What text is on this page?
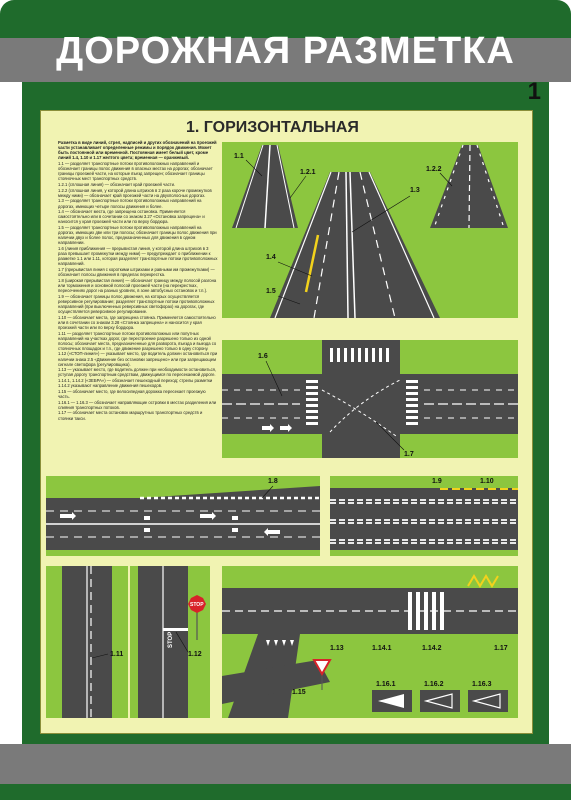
ДОРОЖНАЯ РАЗМЕТКА
1
1. ГОРИЗОНТАЛЬНАЯ

Разметка в виде линий, стрел, надписей и других обозначений на проезжей части устанавливает определенные режимы и порядок движения. Может быть постоянной или временной. Постоянная имеет белый цвет, кроме линий 1.4, 1.10 и 1.17 желтого цвета; временная — оранжевый.

1.1 — разделяет транспортные потоки противоположных направлений и обозначает границы полос движения в опасных местах на дорогах; обозначает границы проезжей части, на которые въезд запрещен; обозначает границы стояночных мест транспортных средств.

1.2.1 (сплошная линия) — обозначает край проезжей части.

1.2.2 (сплошная линия, у которой длина штрихов в 2 раза короче промежутков между ними) — обозначает край проезжей части на двухполосных дорогах.

1.3 — разделяет транспортные потоки противоположных направлений на дорогах, имеющих четыре полосы движения и более.

1.4 — обозначает места, где запрещена остановка. Применяется самостоятельно или в сочетании со знаком 3.27 «Остановка запрещена» и наносится у края проезжей части или по верху бордюра.

1.5 — разделяет транспортные потоки противоположных направлений на дорогах, имеющих две или три полосы; обозначает границы полос движения при наличии двух и более полос, предназначенных для движения в одном направлении.

1.6 (линия приближения — прерывистая линия, у которой длина штрихов в 3 раза превышает промежутки между ними) — предупреждает о приближении к разметке 1.1 или 1.11, которая разделяет транспортные потоки противоположных направлений.

1.7 (прерывистая линия с короткими штрихами и равными им промежутками) — обозначает полосы движения в пределах перекрестка.

1.8 (широкая прерывистая линия) — обозначает границу между полосой разгона или торможения и основной полосой проезжей части (на перекрестках, пересечениях дорог на разных уровнях, в зоне автобусных остановок и т.п.).

1.9 — обозначает границы полос движения, на которых осуществляется реверсивное регулирование; разделяет транспортные потоки противоположных направлений (при выключенных реверсивных светофорах) на дорогах, где осуществляется реверсивное регулирование.

1.10 — обозначает места, где запрещена стоянка. Применяется самостоятельно или в сочетании со знаком 3.28 «Стоянка запрещена» и наносится у края проезжей части или по верху бордюра.

1.11 — разделяет транспортные потоки противоположных или попутных направлений на участках дорог, где перестроение разрешено только из одной полосы; обозначает места, предназначенные для разворота, въезда и выезда со стояночных площадок и т.п., где движение разрешено только в одну сторону.

1.12 («СТОП-линия») — указывает место, где водитель должен остановиться при наличии знака 2.5 «Движение без остановки запрещено» или при запрещающем сигнале светофора (регулировщика).

1.13 — указывает место, где водитель должен при необходимости остановиться, уступая дорогу транспортным средствам, движущимся по пересекаемой дороге.

1.14.1, 1.14.2 («ЗЕБРА») — обозначает пешеходный переход; стрелы разметки 1.14.2 указывают направление движения пешеходов.

1.15 — обозначает место, где велосипедная дорожка пересекает проезжую часть.

1.16.1 — 1.16.3 — обозначает направляющие островки в местах разделения или слияния транспортных потоков.

1.17 — обозначает места остановок маршрутных транспортных средств и стоянки такси.

1.1
1.2.1	1.2.2
1.3
1.4
1.5
1.6
1.7
1.8	1.9	1.10
1.11
STOP
STOP
1.12
1.13	1.14.1	1.14.2	1.17
1.15
1.16.1	1.16.2	1.16.3
